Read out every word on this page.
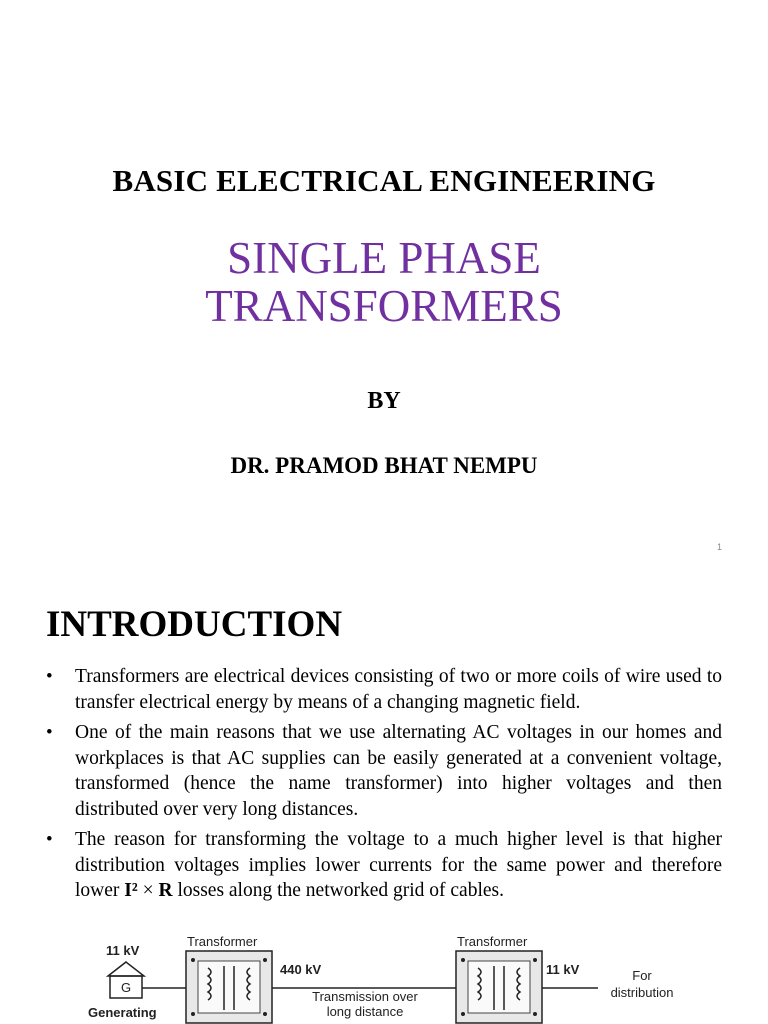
BASIC ELECTRICAL ENGINEERING
SINGLE PHASE
TRANSFORMERS
BY
DR. PRAMOD BHAT NEMPU
1
INTRODUCTION
• Transformers are electrical devices consisting of two or more coils of wire used to transfer electrical energy by means of a changing magnetic field.
• One of the main reasons that we use alternating AC voltages in our homes and workplaces is that AC supplies can be easily generated at a convenient voltage, transformed (hence the name transformer) into higher voltages and then distributed over very long distances.
• The reason for transforming the voltage to a much higher level is that higher distribution voltages implies lower currents for the same power and therefore lower I² × R losses along the networked grid of cables.
G
11 kV
Generating
Transformer
440 kV
Transmission over
long distance
Transformer
11 kV	For
distribution
